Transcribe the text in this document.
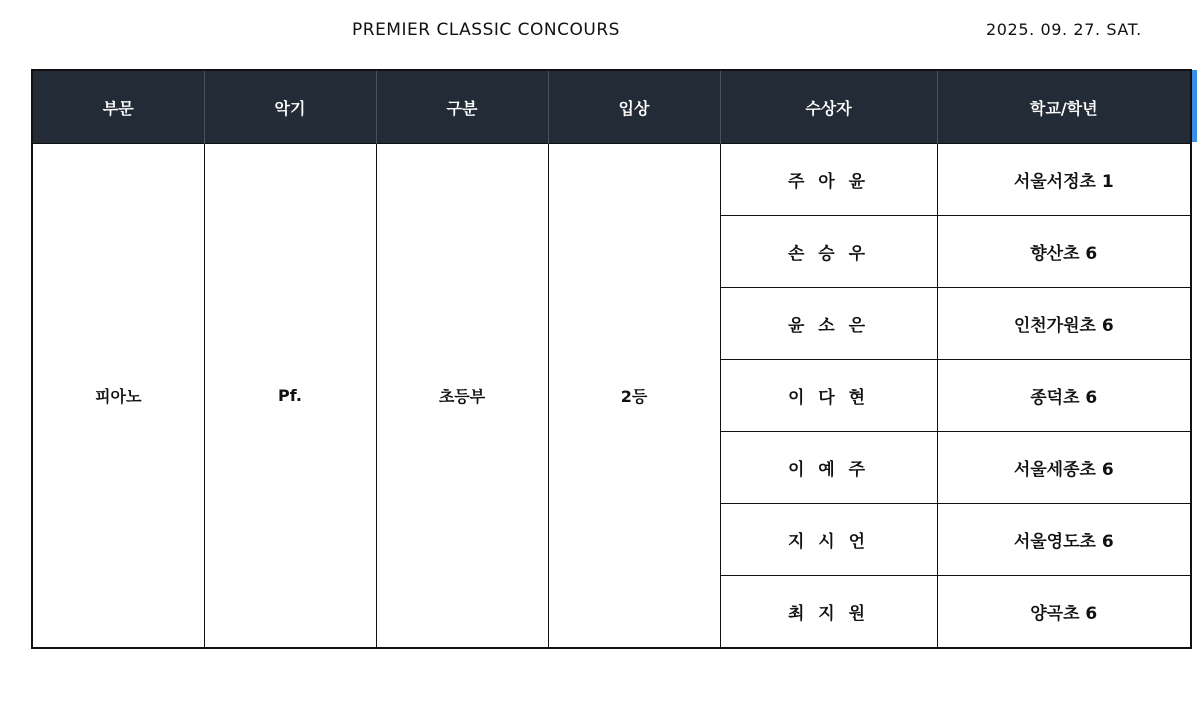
PREMIER CLASSIC CONCOURS	2025. 09. 27. SAT.
부문	악기	구분	입상	수상자	학교/학년
피아노	Pf.	초등부	2등	주 아 윤	서울서정초 1
				손 승 우	향산초 6
				윤 소 은	인천가원초 6
				이 다 현	종덕초 6
				이 예 주	서울세종초 6
				지 시 언	서울영도초 6
				최 지 원	양곡초 6
